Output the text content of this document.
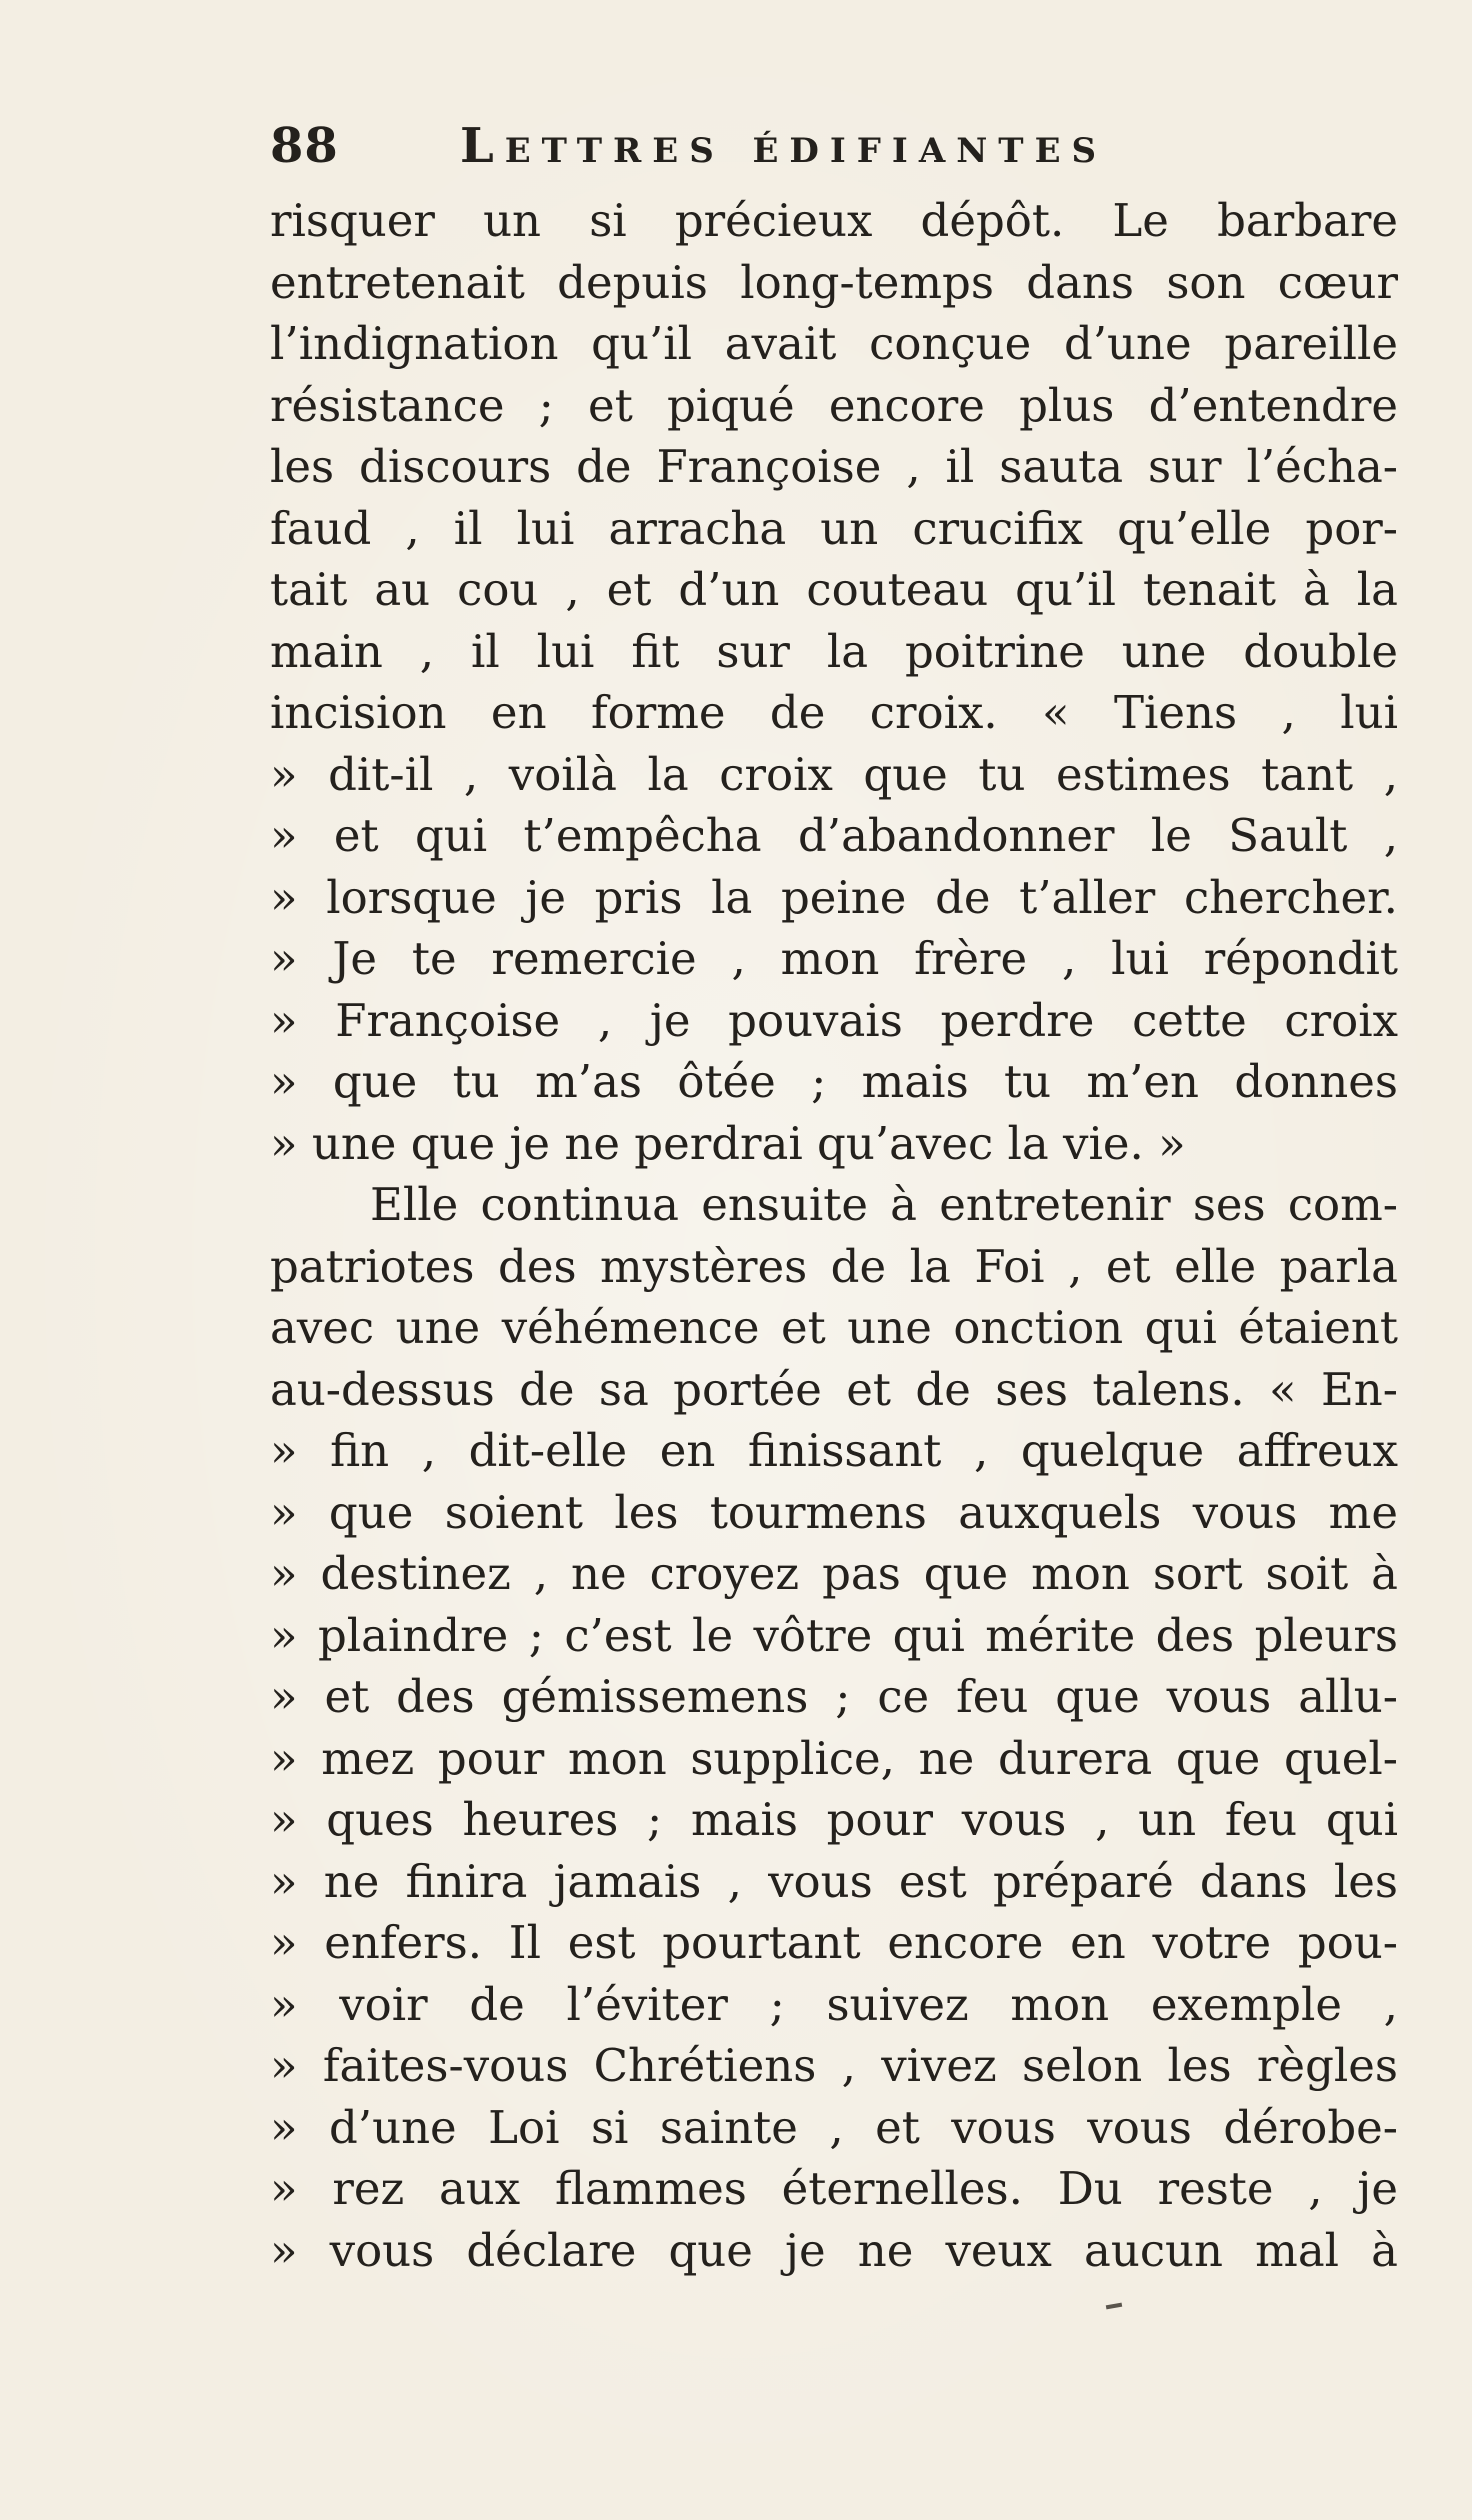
88	Lettres édifiantes
risquer un si précieux dépôt. Le barbare
entretenait depuis long-temps dans son cœur
l’indignation qu’il avait conçue d’une pareille
résistance ; et piqué encore plus d’entendre
les discours de Françoise , il sauta sur l’écha-
faud , il lui arracha un crucifix qu’elle por-
tait au cou , et d’un couteau qu’il tenait à la
main , il lui fit sur la poitrine une double
incision en forme de croix. « Tiens , lui
» dit-il , voilà la croix que tu estimes tant ,
» et qui t’empêcha d’abandonner le Sault ,
» lorsque je pris la peine de t’aller chercher.
» Je te remercie , mon frère , lui répondit
» Françoise , je pouvais perdre cette croix
» que tu m’as ôtée ; mais tu m’en donnes
» une que je ne perdrai qu’avec la vie. »
Elle continua ensuite à entretenir ses com-
patriotes des mystères de la Foi , et elle parla
avec une véhémence et une onction qui étaient
au-dessus de sa portée et de ses talens. « En-
» fin , dit-elle en finissant , quelque affreux
» que soient les tourmens auxquels vous me
» destinez , ne croyez pas que mon sort soit à
» plaindre ; c’est le vôtre qui mérite des pleurs
» et des gémissemens ; ce feu que vous allu-
» mez pour mon supplice, ne durera que quel-
» ques heures ; mais pour vous , un feu qui
» ne finira jamais , vous est préparé dans les
» enfers. Il est pourtant encore en votre pou-
» voir de l’éviter ; suivez mon exemple ,
» faites-vous Chrétiens , vivez selon les règles
» d’une Loi si sainte , et vous vous dérobe-
» rez aux flammes éternelles. Du reste , je
» vous déclare que je ne veux aucun mal à
